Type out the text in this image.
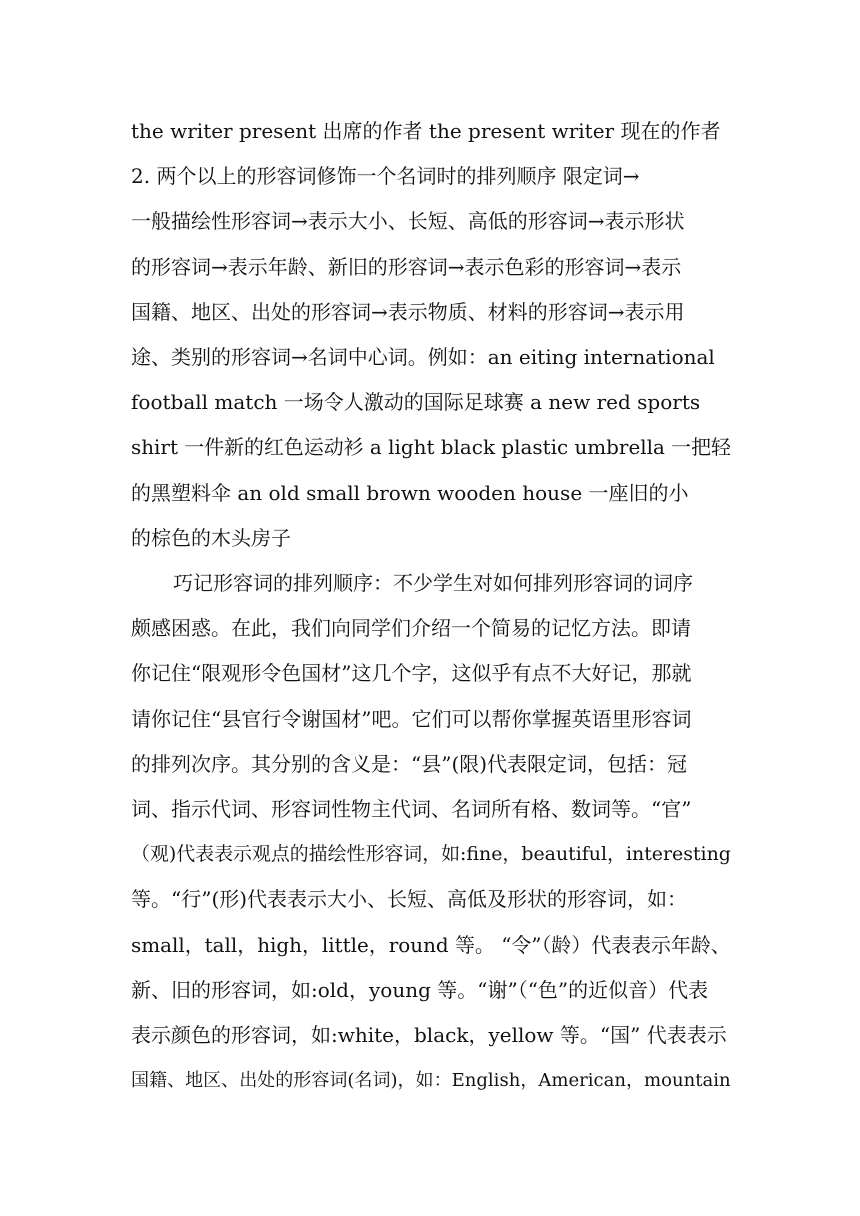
the writer present 出席的作者 the present writer 现在的作者
2. 两个以上的形容词修饰一个名词时的排列顺序 限定词→
一般描绘性形容词→表示大小、长短、高低的形容词→表示形状
的形容词→表示年龄、新旧的形容词→表示色彩的形容词→表示
国籍、地区、出处的形容词→表示物质、材料的形容词→表示用
途、类别的形容词→名词中心词。例如：an eiting international
football match 一场令人激动的国际足球赛 a new red sports
shirt 一件新的红色运动衫 a light black plastic umbrella 一把轻
的黑塑料伞 an old small brown wooden house 一座旧的小
的棕色的木头房子

巧记形容词的排列顺序：不少学生对如何排列形容词的词序
颇感困惑。在此，我们向同学们介绍一个简易的记忆方法。即请
你记住“限观形令色国材”这几个字，这似乎有点不大好记，那就
请你记住“县官行令谢国材”吧。它们可以帮你掌握英语里形容词
的排列次序。其分别的含义是：“县”(限)代表限定词，包括：冠
词、指示代词、形容词性物主代词、名词所有格、数词等。“官”
（观)代表表示观点的描绘性形容词，如:fine，beautiful，interesting
等。“行”(形)代表表示大小、长短、高低及形状的形容词，如：
small，tall，high，little，round 等。 “令”（龄）代表表示年龄、
新、旧的形容词，如:old，young 等。“谢”（“色”的近似音）代表
表示颜色的形容词，如:white，black，yellow 等。“国” 代表表示
国籍、地区、出处的形容词(名词)，如：English，American，mountain
